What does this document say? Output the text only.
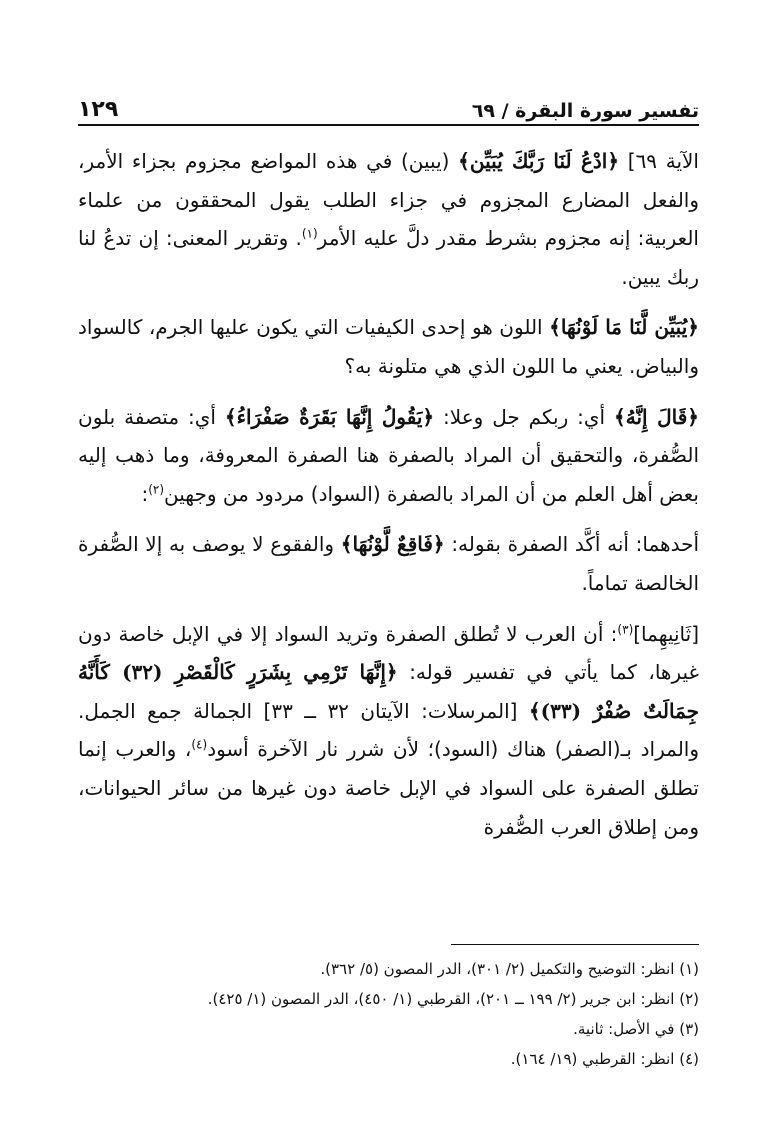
تفسير سورة البقرة / ٦٩
١٢٩

الآية ٦٩] ﴿ادْعُ لَنَا رَبَّكَ يُبَيِّن﴾ (يبين) في هذه المواضع مجزوم بجزاء الأمر، والفعل المضارع المجزوم في جزاء الطلب يقول المحققون من علماء العربية: إنه مجزوم بشرط مقدر دلَّ عليه الأمر$^{(١)}$. وتقرير المعنى: إن تدعُ لنا ربك يبين.

﴿يُبَيِّن لَّنَا مَا لَوْنُهَا﴾ اللون هو إحدى الكيفيات التي يكون عليها الجرم، كالسواد والبياض. يعني ما اللون الذي هي متلونة به؟

﴿قَالَ إِنَّهُ﴾ أي: ربكم جل وعلا: ﴿يَقُولُ إِنَّهَا بَقَرَةٌ صَفْرَاءُ﴾ أي: متصفة بلون الصُّفرة، والتحقيق أن المراد بالصفرة هنا الصفرة المعروفة، وما ذهب إليه بعض أهل العلم من أن المراد بالصفرة (السواد) مردود من وجهين$^{(٢)}$:

أحدهما: أنه أكَّد الصفرة بقوله: ﴿فَاقِعٌ لَّوْنُهَا﴾ والفقوع لا يوصف به إلا الصُّفرة الخالصة تماماً.

[ثَانِيهِما]$^{(٣)}$: أن العرب لا تُطلق الصفرة وتريد السواد إلا في الإبل خاصة دون غيرها، كما يأتي في تفسير قوله: ﴿إِنَّهَا تَرْمِي بِشَرَرٍ كَالْقَصْرِ (٣٢) كَأَنَّهُ جِمَالَتٌ صُفْرٌ (٣٣)﴾ [المرسلات: الآيتان ٣٢ ــ ٣٣] الجمالة جمع الجمل. والمراد بـ(الصفر) هناك (السود)؛ لأن شرر نار الآخرة أسود$^{(٤)}$، والعرب إنما تطلق الصفرة على السواد في الإبل خاصة دون غيرها من سائر الحيوانات، ومن إطلاق العرب الصُّفرة

(١) انظر: التوضيح والتكميل (٢/ ٣٠١)، الدر المصون (٥/ ٣٦٢).

(٢) انظر: ابن جرير (٢/ ١٩٩ ــ ٢٠١)، القرطبي (١/ ٤٥٠)، الدر المصون (١/ ٤٢٥).

(٣) في الأصل: ثانية.

(٤) انظر: القرطبي (١٩/ ١٦٤).
